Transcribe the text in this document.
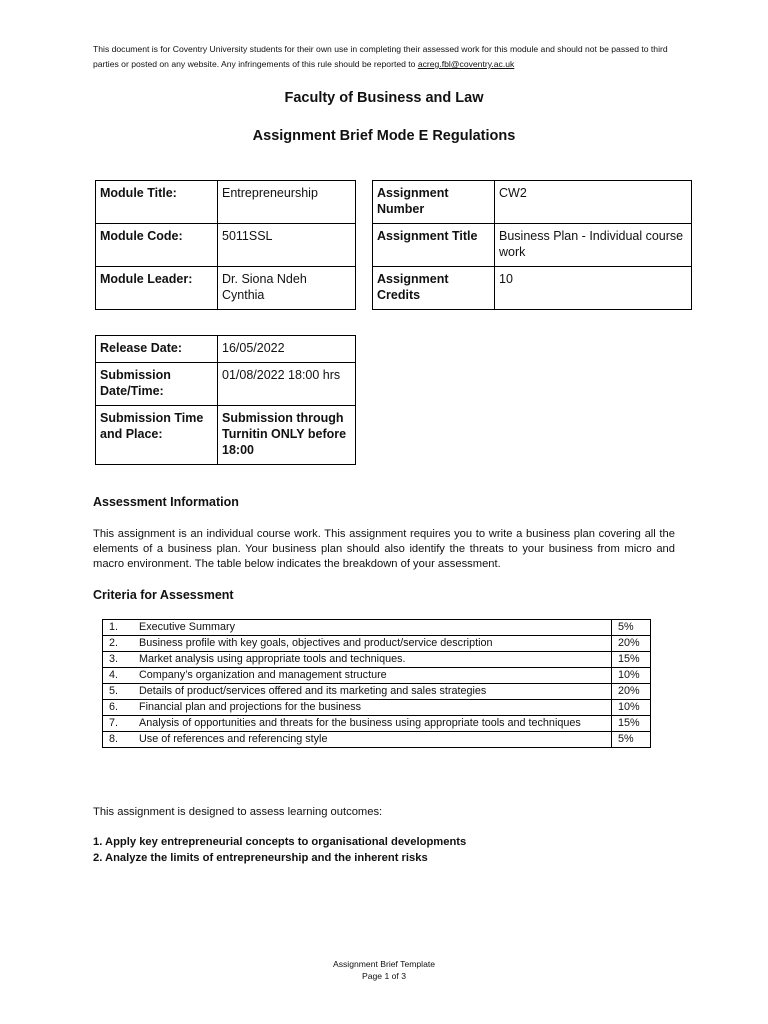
This document is for Coventry University students for their own use in completing their assessed work for this module and should not be passed to third parties or posted on any website. Any infringements of this rule should be reported to acreg.fbl@coventry.ac.uk
Faculty of Business and Law
Assignment Brief Mode E Regulations
Module Title:	Entrepreneurship
Module Code:	5011SSL
Module Leader:	Dr. Siona Ndeh Cynthia
Assignment Number	CW2
Assignment Title	Business Plan - Individual course work
Assignment Credits	10
Release Date:	16/05/2022
Submission Date/Time:	01/08/2022 18:00 hrs
Submission Time and Place:	Submission through Turnitin ONLY before 18:00
Assessment Information
This assignment is an individual course work. This assignment requires you to write a business plan covering all the elements of a business plan. Your business plan should also identify the threats to your business from micro and macro environment. The table below indicates the breakdown of your assessment.
Criteria for Assessment
1.	Executive Summary	5%
2.	Business profile with key goals, objectives and product/service description	20%
3.	Market analysis using appropriate tools and techniques.	15%
4.	Company’s organization and management structure	10%
5.	Details of product/services offered and its marketing and sales strategies	20%
6.	Financial plan and projections for the business	10%
7.	Analysis of opportunities and threats for the business using appropriate tools and techniques	15%
8.	Use of references and referencing style	5%
This assignment is designed to assess learning outcomes:
1. Apply key entrepreneurial concepts to organisational developments
2. Analyze the limits of entrepreneurship and the inherent risks
Assignment Brief Template
Page 1 of 3
